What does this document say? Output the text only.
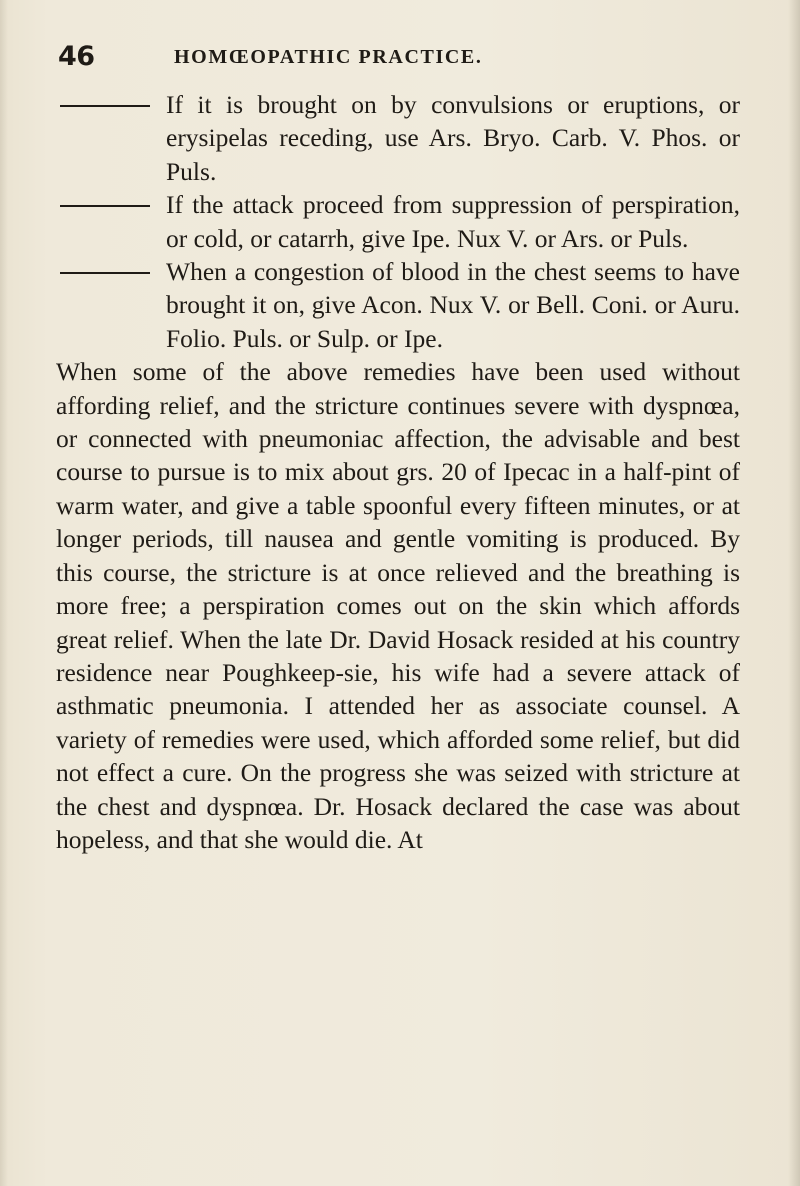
46	HOMŒOPATHIC PRACTICE.

If it is brought on by convulsions or eruptions, or erysipelas receding, use Ars. Bryo. Carb. V. Phos. or Puls.

If the attack proceed from suppression of perspiration, or cold, or catarrh, give Ipe. Nux V. or Ars. or Puls.

When a congestion of blood in the chest seems to have brought it on, give Acon. Nux V. or Bell. Coni. or Auru. Folio. Puls. or Sulp. or Ipe.

When some of the above remedies have been used without affording relief, and the stricture continues severe with dyspnœa, or connected with pneumoniac affection, the advisable and best course to pursue is to mix about grs. 20 of Ipecac in a half-pint of warm water, and give a table spoonful every fifteen minutes, or at longer periods, till nausea and gentle vomiting is produced. By this course, the stricture is at once relieved and the breathing is more free; a perspiration comes out on the skin which affords great relief. When the late Dr. David Hosack resided at his country residence near Poughkeep-sie, his wife had a severe attack of asthmatic pneumonia. I attended her as associate counsel. A variety of remedies were used, which afforded some relief, but did not effect a cure. On the progress she was seized with stricture at the chest and dyspnœa. Dr. Hosack declared the case was about hopeless, and that she would die. At
